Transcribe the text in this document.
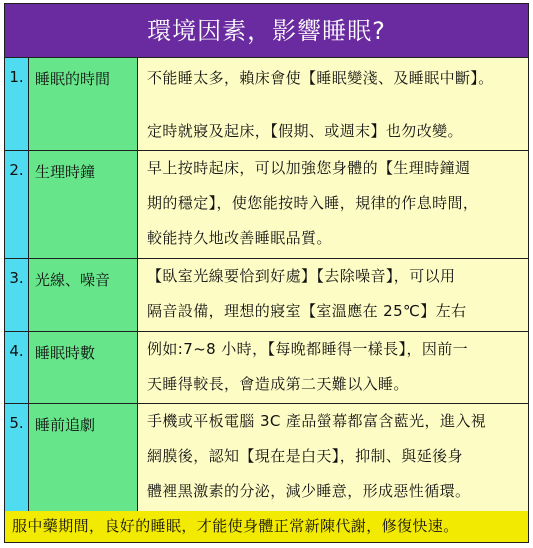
環境因素，影響睡眠?
1. 睡眠的時間	不能睡太多，賴床會使【睡眠變淺、及睡眠中斷】。
定時就寢及起床，【假期、或週末】也勿改變。
2. 生理時鐘	早上按時起床，可以加強您身體的【生理時鐘週
期的穩定】，使您能按時入睡，規律的作息時間，
較能持久地改善睡眠品質。
3. 光線、噪音	【臥室光線要恰到好處】【去除噪音】，可以用
隔音設備，理想的寢室【室溫應在 25℃】左右
4. 睡眠時數	例如:7~8 小時，【每晚都睡得一樣長】，因前一
天睡得較長，會造成第二天難以入睡。
5. 睡前追劇	手機或平板電腦 3C 產品螢幕都富含藍光，進入視
網膜後，認知【現在是白天】，抑制、與延後身
體裡黑激素的分泌，減少睡意，形成惡性循環。
服中藥期間，良好的睡眠，才能使身體正常新陳代謝，修復快速。
